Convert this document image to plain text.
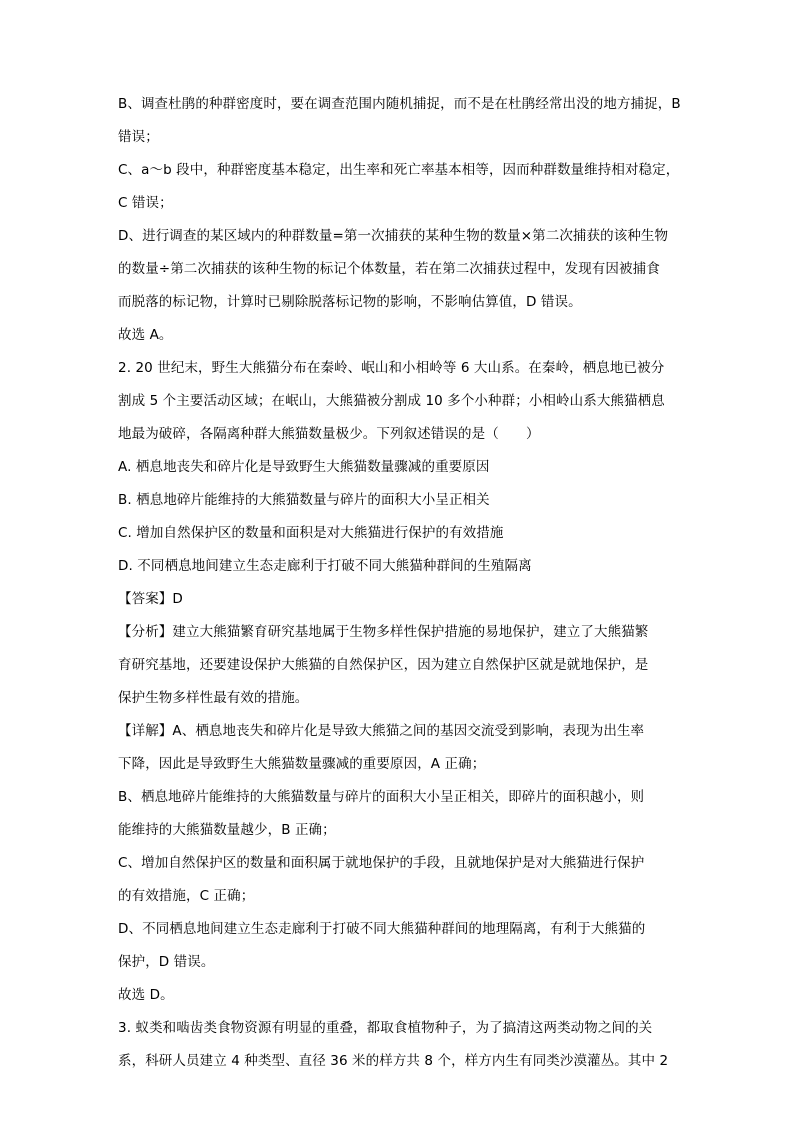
B、调查杜鹃的种群密度时，要在调查范围内随机捕捉，而不是在杜鹃经常出没的地方捕捉，B
错误；
C、a～b 段中，种群密度基本稳定，出生率和死亡率基本相等，因而种群数量维持相对稳定，
C 错误；
D、进行调查的某区域内的种群数量=第一次捕获的某种生物的数量×第二次捕获的该种生物
的数量÷第二次捕获的该种生物的标记个体数量，若在第二次捕获过程中，发现有因被捕食
而脱落的标记物，计算时已剔除脱落标记物的影响，不影响估算值，D 错误。
故选 A。
2. 20 世纪末，野生大熊猫分布在秦岭、岷山和小相岭等 6 大山系。在秦岭，栖息地已被分
割成 5 个主要活动区域；在岷山，大熊猫被分割成 10 多个小种群；小相岭山系大熊猫栖息
地最为破碎，各隔离种群大熊猫数量极少。下列叙述错误的是（　　）
A. 栖息地丧失和碎片化是导致野生大熊猫数量骤减的重要原因
B. 栖息地碎片能维持的大熊猫数量与碎片的面积大小呈正相关
C. 增加自然保护区的数量和面积是对大熊猫进行保护的有效措施
D. 不同栖息地间建立生态走廊利于打破不同大熊猫种群间的生殖隔离
【答案】D
【分析】建立大熊猫繁育研究基地属于生物多样性保护措施的易地保护，建立了大熊猫繁
育研究基地，还要建设保护大熊猫的自然保护区，因为建立自然保护区就是就地保护，是
保护生物多样性最有效的措施。
【详解】A、栖息地丧失和碎片化是导致大熊猫之间的基因交流受到影响，表现为出生率
下降，因此是导致野生大熊猫数量骤减的重要原因，A 正确；
B、栖息地碎片能维持的大熊猫数量与碎片的面积大小呈正相关，即碎片的面积越小，则
能维持的大熊猫数量越少，B 正确；
C、增加自然保护区的数量和面积属于就地保护的手段，且就地保护是对大熊猫进行保护
的有效措施，C 正确；
D、不同栖息地间建立生态走廊利于打破不同大熊猫种群间的地理隔离，有利于大熊猫的
保护，D 错误。
故选 D。
3. 蚁类和啮齿类食物资源有明显的重叠，都取食植物种子，为了搞清这两类动物之间的关
系，科研人员建立 4 种类型、直径 36 米的样方共 8 个，样方内生有同类沙漠灌丛。其中 2
